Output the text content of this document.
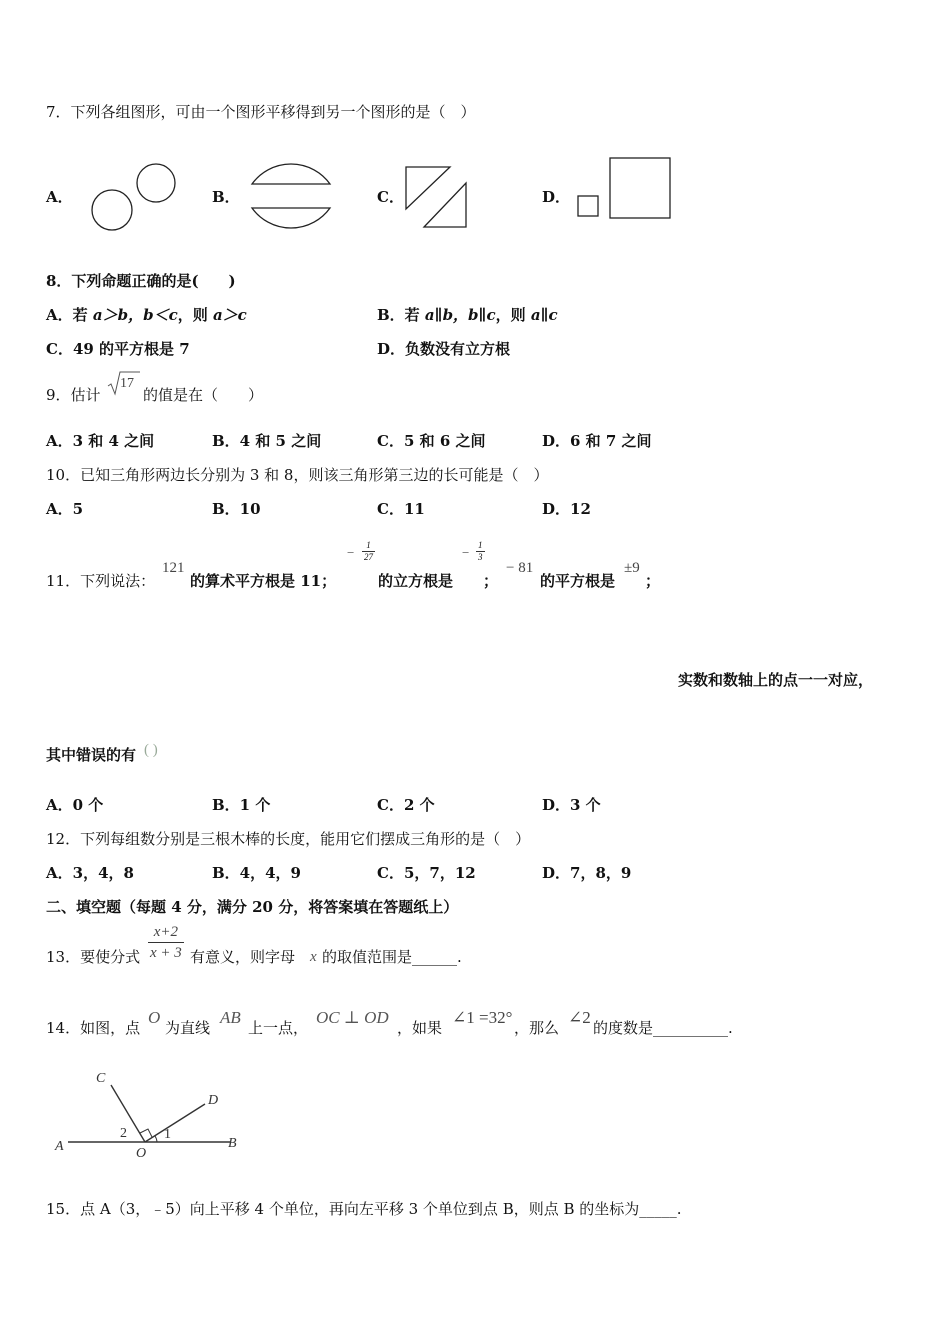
7．下列各组图形，可由一个图形平移得到另一个图形的是（　）
A．	B．	C．	D．
8．下列命题正确的是(　　)
A．若 a＞b，b＜c，则 a＞c	B．若 a∥b，b∥c，则 a∥c
C．49 的平方根是 7	D．负数没有立方根
9．估计
17
的值是在（　　）
A．3 和 4 之间	B．4 和 5 之间	C．5 和 6 之间	D．6 和 7 之间
10．已知三角形两边长分别为 3 和 8，则该三角形第三边的长可能是（　）
A．5	B．10	C．11	D．12
11．下列说法：
121
的算术平方根是 11；
− $\frac{1}{27}$
的立方根是
− $\frac{1}{3}$
；
− 81
的平方根是
±9
；
实数和数轴上的点一一对应，
其中错误的有 ( )
A．0 个	B．1 个	C．2 个	D．3 个
12．下列每组数分别是三根木棒的长度，能用它们摆成三角形的是（　）
A．3，4，8	B．4，4，9	C．5，7，12	D．7，8，9
二、填空题（每题 4 分，满分 20 分，将答案填在答题纸上）
13．要使分式 $\frac{x+2}{x + 3}$ 有意义，则字母 x 的取值范围是______.
14．如图，点
O
为直线
AB
上一点，
OC ⊥ OD
，如果
∠1 =32°
，那么
∠2
的度数是__________.
A	B
C
D
O
1
2
15．点 A（3，﹣5）向上平移 4 个单位，再向左平移 3 个单位到点 B，则点 B 的坐标为_____.
